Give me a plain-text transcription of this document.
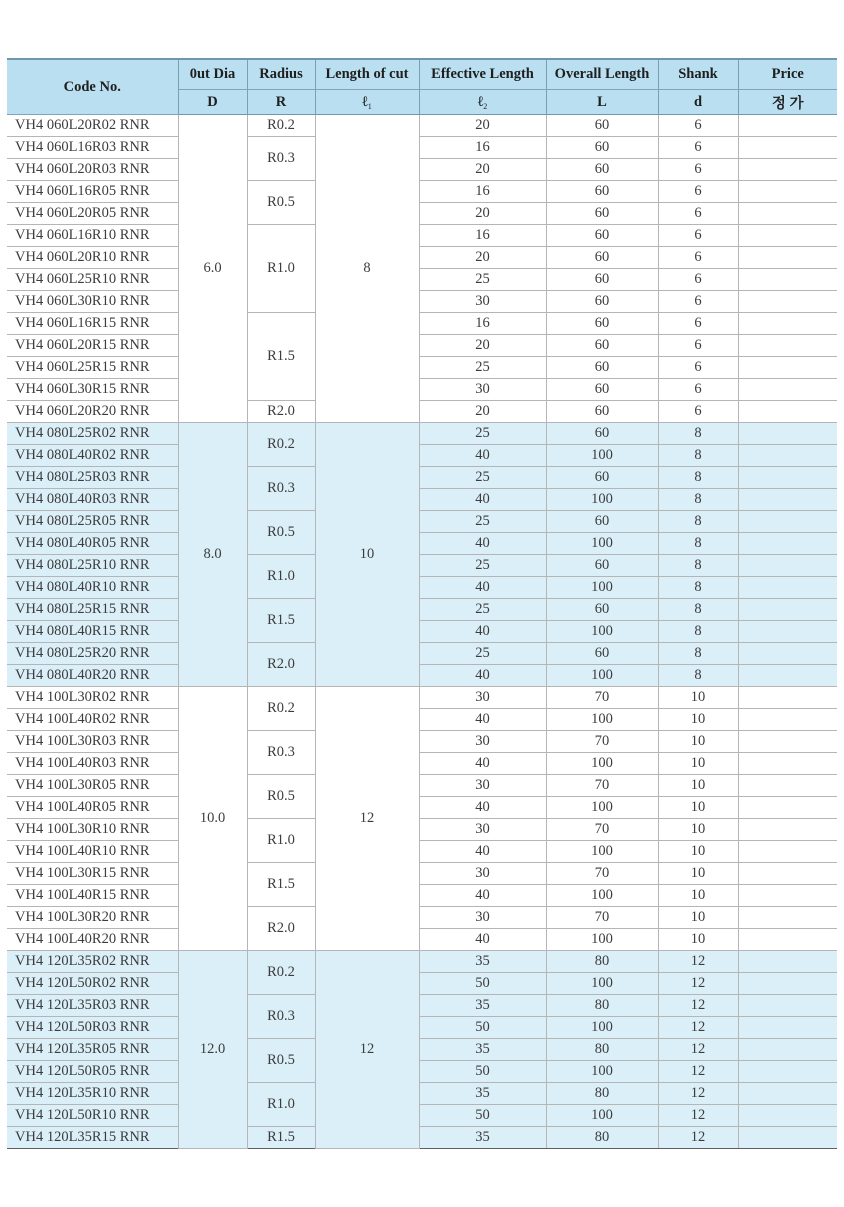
Code No.	0ut Dia	Radius	Length of cut	Effective Length	Overall Length	Shank	Price
	D	R	ℓ$_1$	ℓ$_2$	L	d	정 가
VH4 060L20R02 RNR	6.0	R0.2	8	20	60	6	
VH4 060L16R03 RNR		R0.3		16	60	6	
VH4 060L20R03 RNR				20	60	6	
VH4 060L16R05 RNR		R0.5		16	60	6	
VH4 060L20R05 RNR				20	60	6	
VH4 060L16R10 RNR		R1.0		16	60	6	
VH4 060L20R10 RNR				20	60	6	
VH4 060L25R10 RNR				25	60	6	
VH4 060L30R10 RNR				30	60	6	
VH4 060L16R15 RNR		R1.5		16	60	6	
VH4 060L20R15 RNR				20	60	6	
VH4 060L25R15 RNR				25	60	6	
VH4 060L30R15 RNR				30	60	6	
VH4 060L20R20 RNR		R2.0		20	60	6	
VH4 080L25R02 RNR	8.0	R0.2	10	25	60	8	
VH4 080L40R02 RNR				40	100	8	
VH4 080L25R03 RNR		R0.3		25	60	8	
VH4 080L40R03 RNR				40	100	8	
VH4 080L25R05 RNR		R0.5		25	60	8	
VH4 080L40R05 RNR				40	100	8	
VH4 080L25R10 RNR		R1.0		25	60	8	
VH4 080L40R10 RNR				40	100	8	
VH4 080L25R15 RNR		R1.5		25	60	8	
VH4 080L40R15 RNR				40	100	8	
VH4 080L25R20 RNR		R2.0		25	60	8	
VH4 080L40R20 RNR				40	100	8	
VH4 100L30R02 RNR	10.0	R0.2	12	30	70	10	
VH4 100L40R02 RNR				40	100	10	
VH4 100L30R03 RNR		R0.3		30	70	10	
VH4 100L40R03 RNR				40	100	10	
VH4 100L30R05 RNR		R0.5		30	70	10	
VH4 100L40R05 RNR				40	100	10	
VH4 100L30R10 RNR		R1.0		30	70	10	
VH4 100L40R10 RNR				40	100	10	
VH4 100L30R15 RNR		R1.5		30	70	10	
VH4 100L40R15 RNR				40	100	10	
VH4 100L30R20 RNR		R2.0		30	70	10	
VH4 100L40R20 RNR				40	100	10	
VH4 120L35R02 RNR	12.0	R0.2	12	35	80	12	
VH4 120L50R02 RNR				50	100	12	
VH4 120L35R03 RNR		R0.3		35	80	12	
VH4 120L50R03 RNR				50	100	12	
VH4 120L35R05 RNR		R0.5		35	80	12	
VH4 120L50R05 RNR				50	100	12	
VH4 120L35R10 RNR		R1.0		35	80	12	
VH4 120L50R10 RNR				50	100	12	
VH4 120L35R15 RNR		R1.5		35	80	12	
